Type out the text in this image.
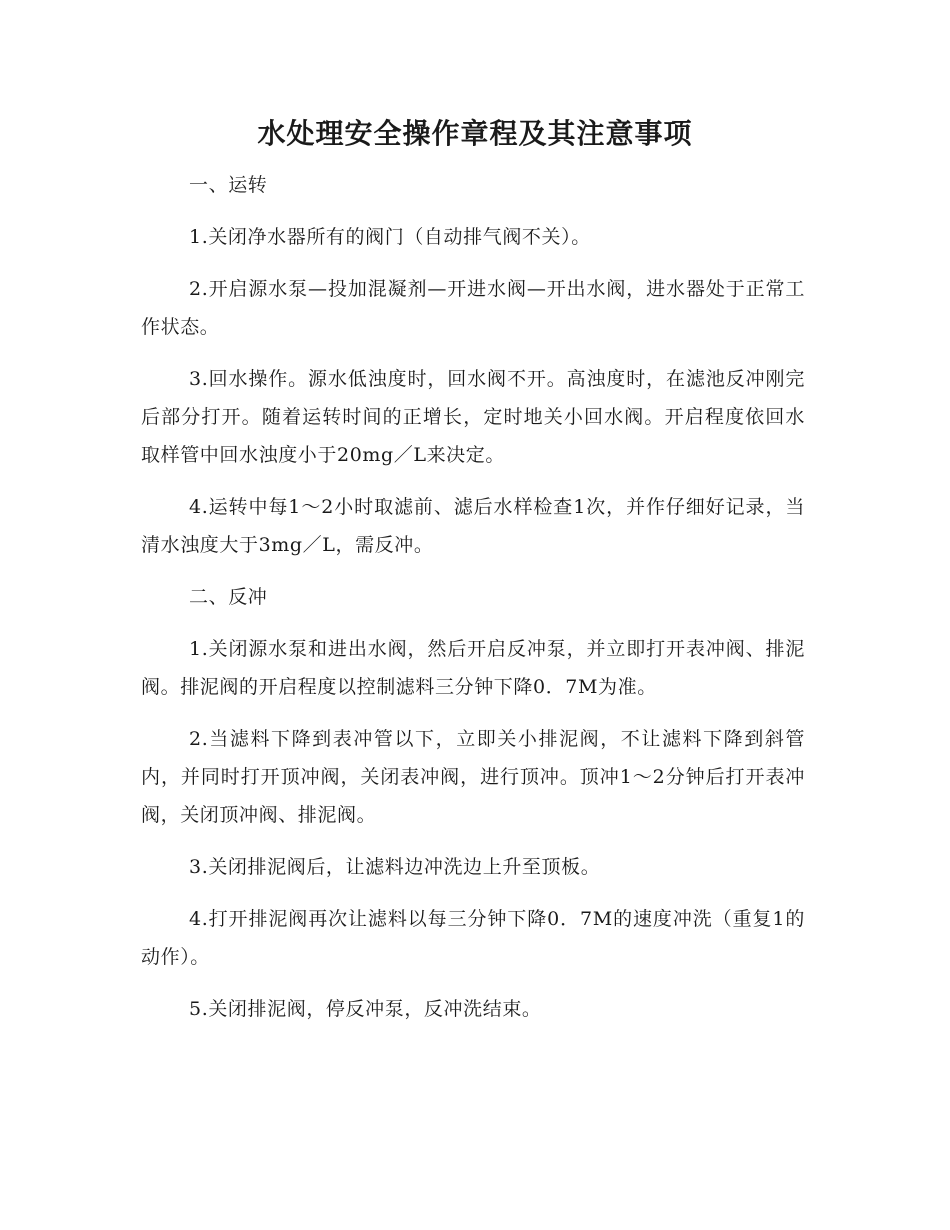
水处理安全操作章程及其注意事项

一、运转

1.关闭净水器所有的阀门（自动排气阀不关）。

2.开启源水泵—投加混凝剂—开进水阀—开出水阀，进水器处于正常工作状态。

3.回水操作。源水低浊度时，回水阀不开。高浊度时，在滤池反冲刚完后部分打开。随着运转时间的正增长，定时地关小回水阀。开启程度依回水取样管中回水浊度小于20mg／L来决定。

4.运转中每1～2小时取滤前、滤后水样检查1次，并作仔细好记录，当清水浊度大于3mg／L，需反冲。

二、反冲

1.关闭源水泵和进出水阀，然后开启反冲泵，并立即打开表冲阀、排泥阀。排泥阀的开启程度以控制滤料三分钟下降0．7M为准。

2.当滤料下降到表冲管以下，立即关小排泥阀，不让滤料下降到斜管内，并同时打开顶冲阀，关闭表冲阀，进行顶冲。顶冲1～2分钟后打开表冲阀，关闭顶冲阀、排泥阀。

3.关闭排泥阀后，让滤料边冲洗边上升至顶板。

4.打开排泥阀再次让滤料以每三分钟下降0．7M的速度冲洗（重复1的动作）。

5.关闭排泥阀，停反冲泵，反冲洗结束。
